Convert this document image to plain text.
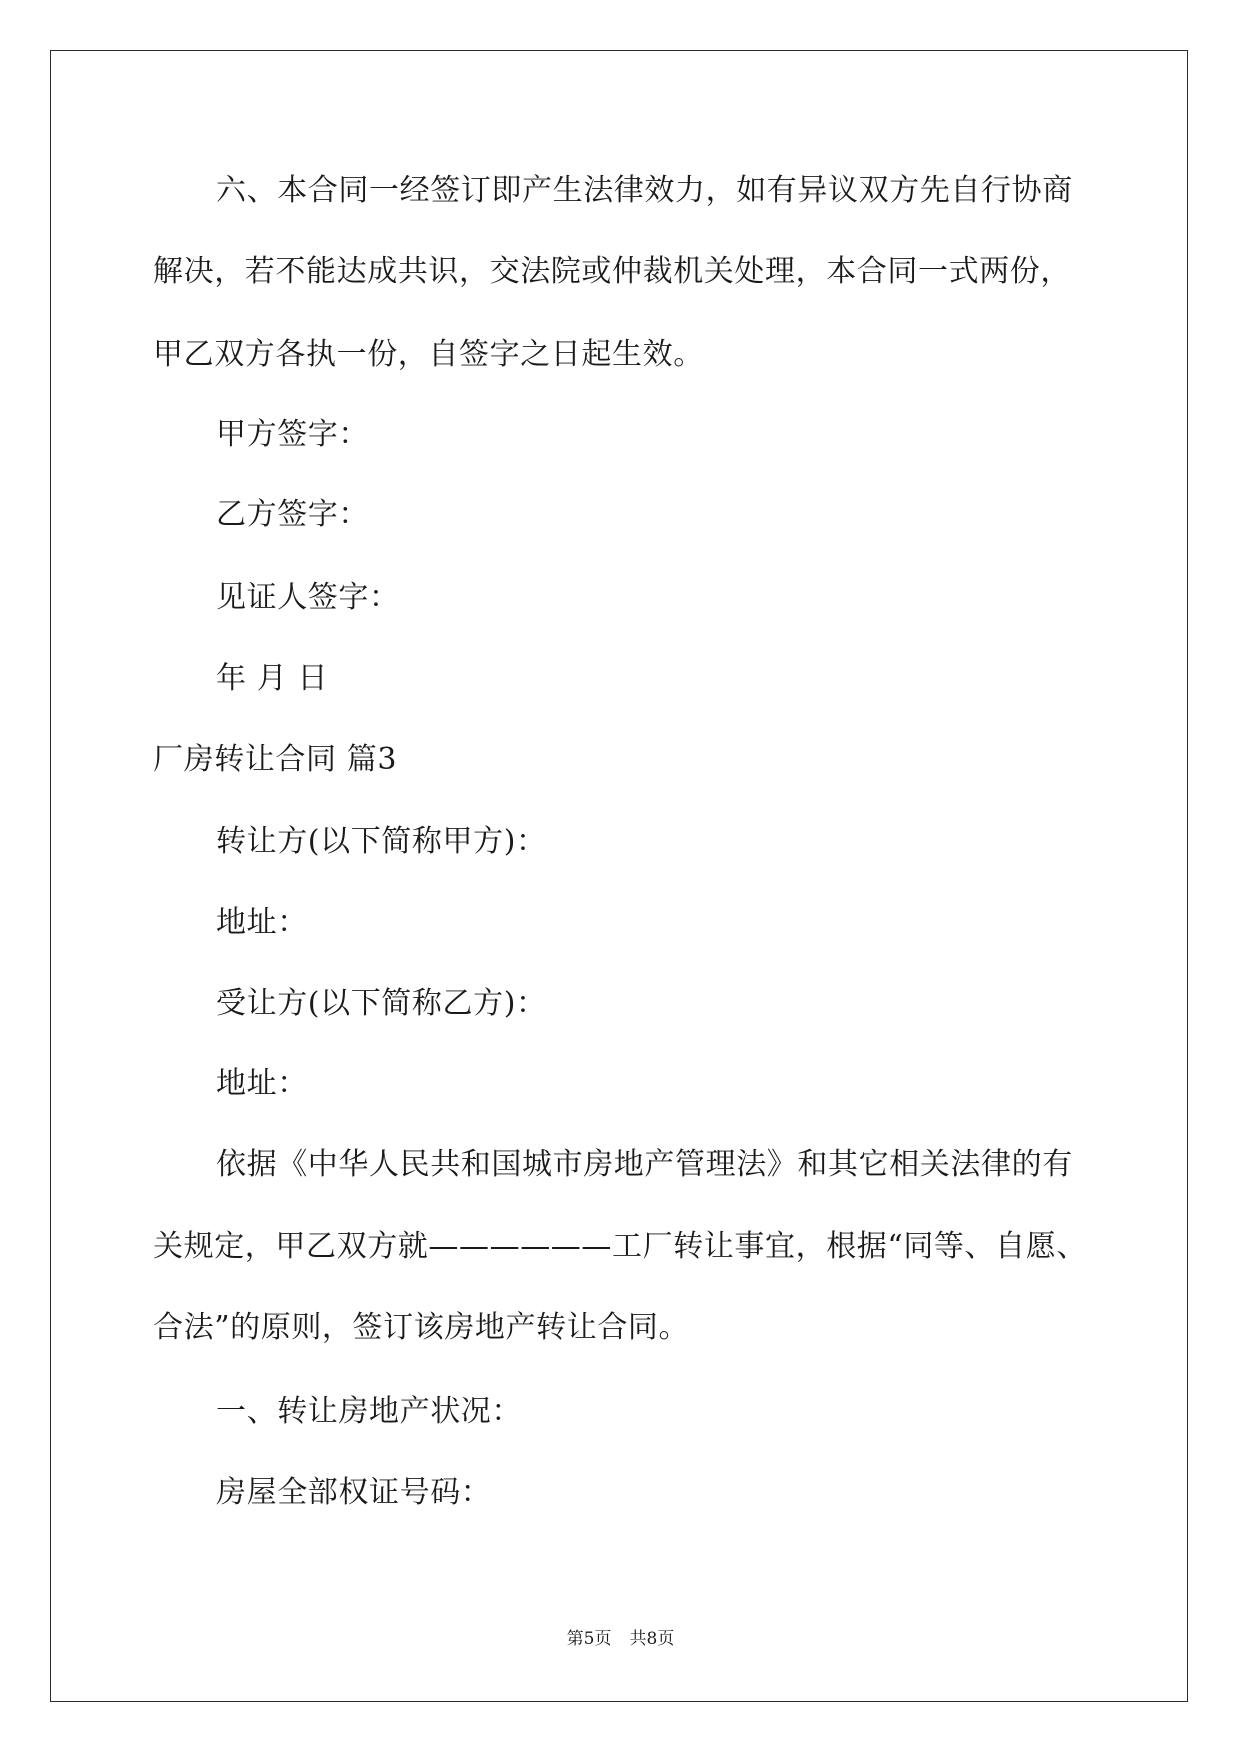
六、本合同一经签订即产生法律效力，如有异议双方先自行协商
解决，若不能达成共识，交法院或仲裁机关处理，本合同一式两份，
甲乙双方各执一份，自签字之日起生效。
甲方签字：
乙方签字：
见证人签字：
年 月 日
厂房转让合同 篇3
转让方(以下简称甲方)：
地址：
受让方(以下简称乙方)：
地址：
依据《中华人民共和国城市房地产管理法》和其它相关法律的有
关规定，甲乙双方就——————工厂转让事宜，根据“同等、自愿、
合法”的原则，签订该房地产转让合同。
一、转让房地产状况：
房屋全部权证号码：
第5页 共8页
